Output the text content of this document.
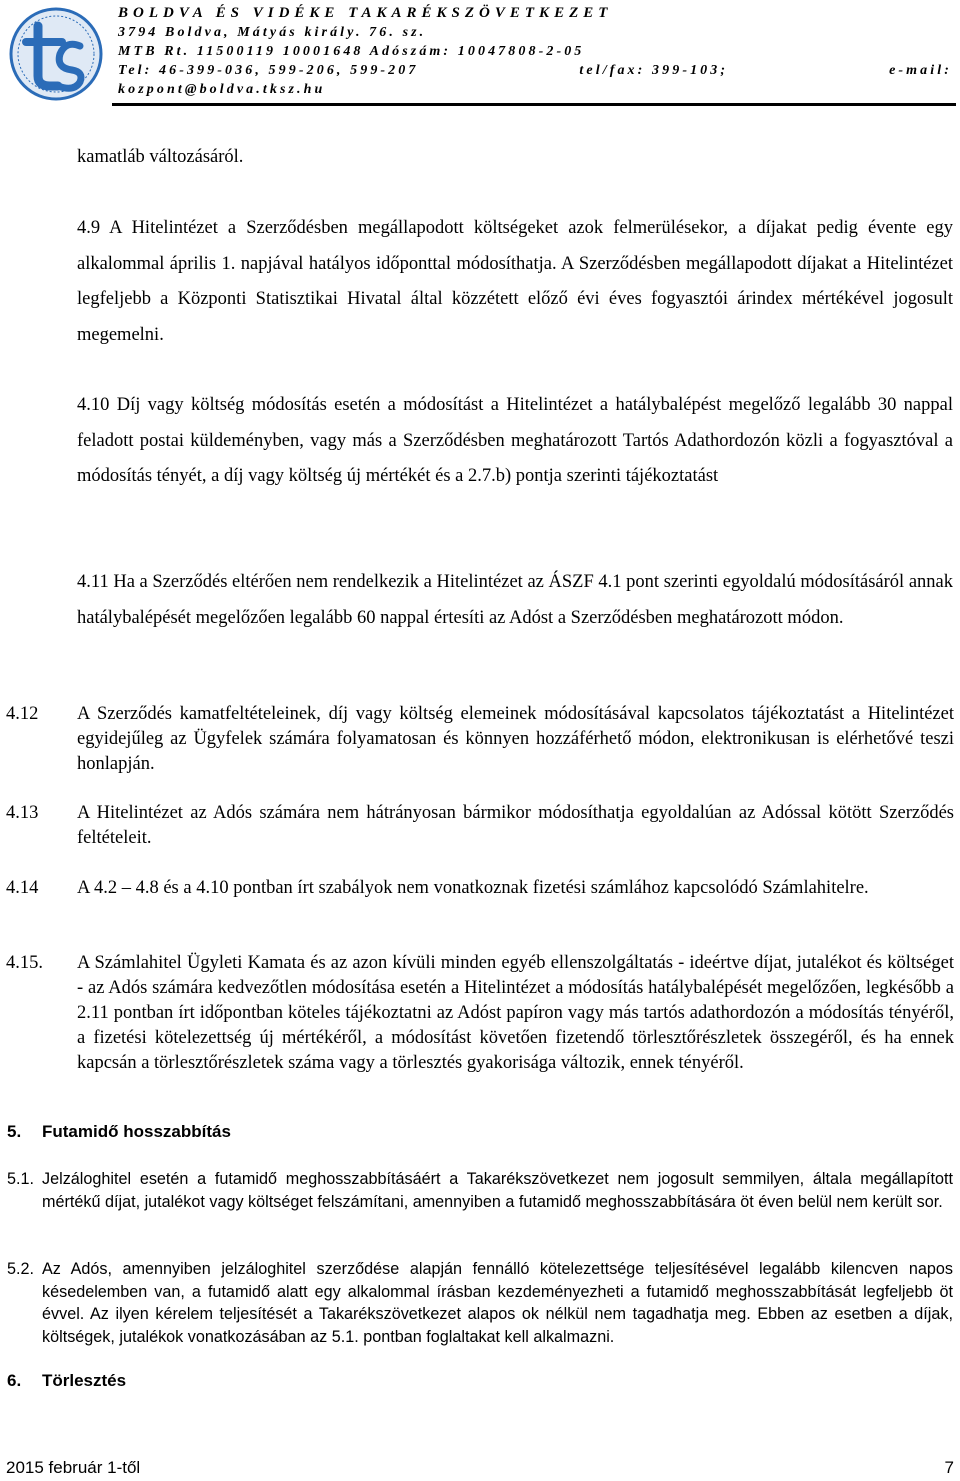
BOLDVA ÉS VIDÉKE TAKARÉKSZÖVETKEZET
3794 Boldva, Mátyás király. 76. sz.
MTB Rt. 11500119 10001648 Adószám: 10047808-2-05
Tel: 46-399-036, 599-206, 599-207	tel/fax: 399-103;	e-mail:
kozpont@boldva.tksz.hu

kamatláb változásáról.

4.9 A Hitelintézet a Szerződésben megállapodott költségeket azok felmerülésekor, a díjakat pedig évente egy alkalommal április 1. napjával hatályos időponttal módosíthatja. A Szerződésben megállapodott díjakat a Hitelintézet legfeljebb a Központi Statisztikai Hivatal által közzétett előző évi éves fogyasztói árindex mértékével jogosult megemelni.

4.10 Díj vagy költség módosítás esetén a módosítást a Hitelintézet a hatálybalépést megelőző legalább 30 nappal feladott postai küldeményben, vagy más a Szerződésben meghatározott Tartós Adathordozón közli a fogyasztóval a módosítás tényét, a díj vagy költség új mértékét és a 2.7.b) pontja szerinti tájékoztatást

4.11 Ha a Szerződés eltérően nem rendelkezik a Hitelintézet az ÁSZF 4.1 pont szerinti egyoldalú módosításáról annak hatálybalépését megelőzően legalább 60 nappal értesíti az Adóst a Szerződésben meghatározott módon.

4.12 A Szerződés kamatfeltételeinek, díj vagy költség elemeinek módosításával kapcsolatos tájékoztatást a Hitelintézet egyidejűleg az Ügyfelek számára folyamatosan és könnyen hozzáférhető módon, elektronikusan is elérhetővé teszi honlapján.
4.13 A Hitelintézet az Adós számára nem hátrányosan bármikor módosíthatja egyoldalúan az Adóssal kötött Szerződés feltételeit.
4.14 A 4.2 – 4.8 és a 4.10 pontban írt szabályok nem vonatkoznak fizetési számlához kapcsolódó Számlahitelre.
4.15. A Számlahitel Ügyleti Kamata és az azon kívüli minden egyéb ellenszolgáltatás - ideértve díjat, jutalékot és költséget - az Adós számára kedvezőtlen módosítása esetén a Hitelintézet a módosítás hatálybalépését megelőzően, legkésőbb a 2.11 pontban írt időpontban köteles tájékoztatni az Adóst papíron vagy más tartós adathordozón a módosítás tényéről, a fizetési kötelezettség új mértékéről, a módosítást követően fizetendő törlesztőrészletek összegéről, és ha ennek kapcsán a törlesztőrészletek száma vagy a törlesztés gyakorisága változik, ennek tényéről.

5. Futamidő hosszabbítás

5.1. Jelzáloghitel esetén a futamidő meghosszabbításáért a Takarékszövetkezet nem jogosult semmilyen, általa megállapított mértékű díjat, jutalékot vagy költséget felszámítani, amennyiben a futamidő meghosszabbítására öt éven belül nem került sor.
5.2. Az Adós, amennyiben jelzáloghitel szerződése alapján fennálló kötelezettsége teljesítésével legalább kilencven napos késedelemben van, a futamidő alatt egy alkalommal írásban kezdeményezheti a futamidő meghosszabbítását legfeljebb öt évvel. Az ilyen kérelem teljesítését a Takarékszövetkezet alapos ok nélkül nem tagadhatja meg. Ebben az esetben a díjak, költségek, jutalékok vonatkozásában az 5.1. pontban foglaltakat kell alkalmazni.

6. Törlesztés

2015 február 1-től	7
